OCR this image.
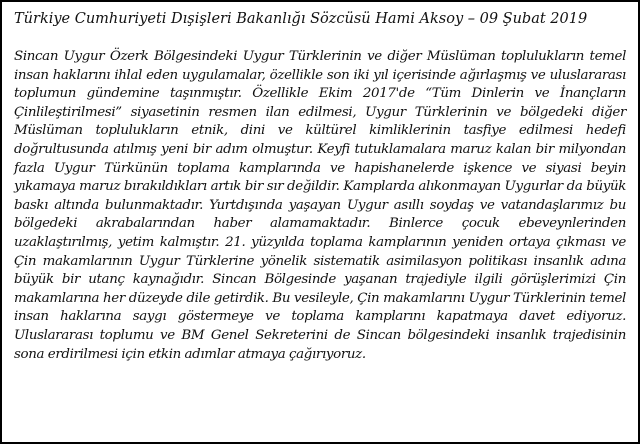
Türkiye Cumhuriyeti Dışişleri Bakanlığı Sözcüsü Hami Aksoy – 09 Şubat 2019

Sincan Uygur Özerk Bölgesindeki Uygur Türklerinin ve diğer Müslüman toplulukların temel insan haklarını ihlal eden uygulamalar, özellikle son iki yıl içerisinde ağırlaşmış ve uluslararası toplumun gündemine taşınmıştır. Özellikle Ekim 2017'de “Tüm Dinlerin ve İnançların Çinlileştirilmesi” siyasetinin resmen ilan edilmesi, Uygur Türklerinin ve bölgedeki diğer Müslüman toplulukların etnik, dini ve kültürel kimliklerinin tasfiye edilmesi hedefi doğrultusunda atılmış yeni bir adım olmuştur. Keyfi tutuklamalara maruz kalan bir milyondan fazla Uygur Türkünün toplama kamplarında ve hapishanelerde işkence ve siyasi beyin yıkamaya maruz bırakıldıkları artık bir sır değildir. Kamplarda alıkonmayan Uygurlar da büyük baskı altında bulunmaktadır. Yurtdışında yaşayan Uygur asıllı soydaş ve vatandaşlarımız bu bölgedeki akrabalarından haber alamamaktadır. Binlerce çocuk ebeveynlerinden uzaklaştırılmış, yetim kalmıştır. 21. yüzyılda toplama kamplarının yeniden ortaya çıkması ve Çin makamlarının Uygur Türklerine yönelik sistematik asimilasyon politikası insanlık adına büyük bir utanç kaynağıdır. Sincan Bölgesinde yaşanan trajediyle ilgili görüşlerimizi Çin makamlarına her düzeyde dile getirdik. Bu vesileyle, Çin makamlarını Uygur Türklerinin temel insan haklarına saygı göstermeye ve toplama kamplarını kapatmaya davet ediyoruz. Uluslararası toplumu ve BM Genel Sekreterini de Sincan bölgesindeki insanlık trajedisinin sona erdirilmesi için etkin adımlar atmaya çağırıyoruz.
